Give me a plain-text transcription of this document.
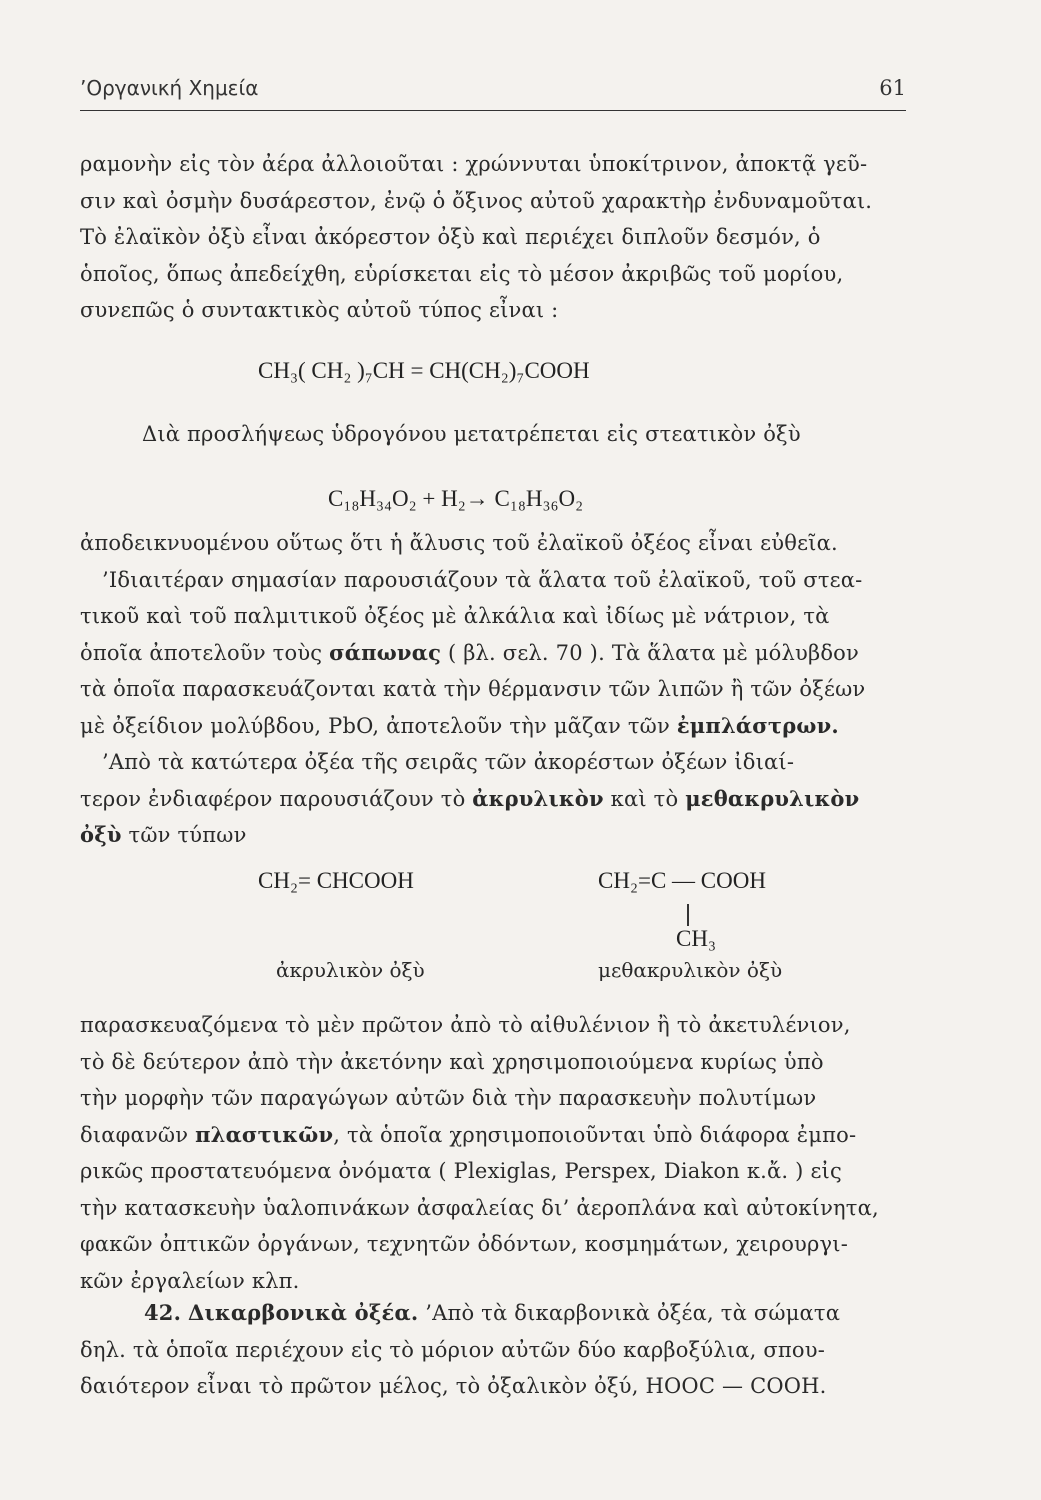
’Οργανική Χημεία	61
ραμονὴν εἰς τὸν ἀέρα ἀλλοιοῦται : χρώννυται ὑποκίτρινον, ἀποκτᾷ γεῦ-
σιν καὶ ὀσμὴν δυσάρεστον, ἐνῷ ὁ ὄξινος αὐτοῦ χαρακτὴρ ἐνδυναμοῦται.
Τὸ ἐλαϊκὸν ὀξὺ εἶναι ἀκόρεστον ὀξὺ καὶ περιέχει διπλοῦν δεσμόν, ὁ
ὁποῖος, ὅπως ἀπεδείχθη, εὑρίσκεται εἰς τὸ μέσον ἀκριβῶς τοῦ μορίου,
συνεπῶς ὁ συντακτικὸς αὐτοῦ τύπος εἶναι :
CH₃( CH₂ )₇CH = CH(CH₂)₇COOH
Διὰ προσλήψεως ὑδρογόνου μετατρέπεται εἰς στεατικὸν ὀξὺ
C₁₈H₃₄O₂ + H₂→ C₁₈H₃₆O₂
ἀποδεικνυομένου οὕτως ὅτι ἡ ἄλυσις τοῦ ἐλαϊκοῦ ὀξέος εἶναι εὐθεῖα.
’Ιδιαιτέραν σημασίαν παρουσιάζουν τὰ ἅλατα τοῦ ἐλαϊκοῦ, τοῦ στεα-
τικοῦ καὶ τοῦ παλμιτικοῦ ὀξέος μὲ ἀλκάλια καὶ ἰδίως μὲ νάτριον, τὰ
ὁποῖα ἀποτελοῦν τοὺς σάπωνας ( βλ. σελ. 70 ). Τὰ ἅλατα μὲ μόλυβδον
τὰ ὁποῖα παρασκευάζονται κατὰ τὴν θέρμανσιν τῶν λιπῶν ἢ τῶν ὀξέων
μὲ ὀξείδιον μολύβδου, PbO, ἀποτελοῦν τὴν μᾶζαν τῶν ἐμπλάστρων.
’Απὸ τὰ κατώτερα ὀξέα τῆς σειρᾶς τῶν ἀκορέστων ὀξέων ἰδιαί-
τερον ἐνδιαφέρον παρουσιάζουν τὸ ἀκρυλικὸν καὶ τὸ μεθακρυλικὸν
ὀξὺ τῶν τύπων
CH₂= CHCOOH	CH₂=C — COOH
CH₃
ἀκρυλικὸν ὀξὺ	μεθακρυλικὸν ὀξὺ
παρασκευαζόμενα τὸ μὲν πρῶτον ἀπὸ τὸ αἰθυλένιον ἢ τὸ ἀκετυλένιον,
τὸ δὲ δεύτερον ἀπὸ τὴν ἀκετόνην καὶ χρησιμοποιούμενα κυρίως ὑπὸ
τὴν μορφὴν τῶν παραγώγων αὐτῶν διὰ τὴν παρασκευὴν πολυτίμων
διαφανῶν πλαστικῶν, τὰ ὁποῖα χρησιμοποιοῦνται ὑπὸ διάφορα ἐμπο-
ρικῶς προστατευόμενα ὀνόματα ( Plexiglas, Perspex, Diakon κ.ἄ. ) εἰς
τὴν κατασκευὴν ὑαλοπινάκων ἀσφαλείας δι’ ἀεροπλάνα καὶ αὐτοκίνητα,
φακῶν ὀπτικῶν ὀργάνων, τεχνητῶν ὀδόντων, κοσμημάτων, χειρουργι-
κῶν ἐργαλείων κλπ.
42. Δικαρβονικὰ ὀξέα. ’Απὸ τὰ δικαρβονικὰ ὀξέα, τὰ σώματα
δηλ. τὰ ὁποῖα περιέχουν εἰς τὸ μόριον αὐτῶν δύο καρβοξύλια, σπου-
δαιότερον εἶναι τὸ πρῶτον μέλος, τὸ ὀξαλικὸν ὀξύ, HOOC — COOH.
